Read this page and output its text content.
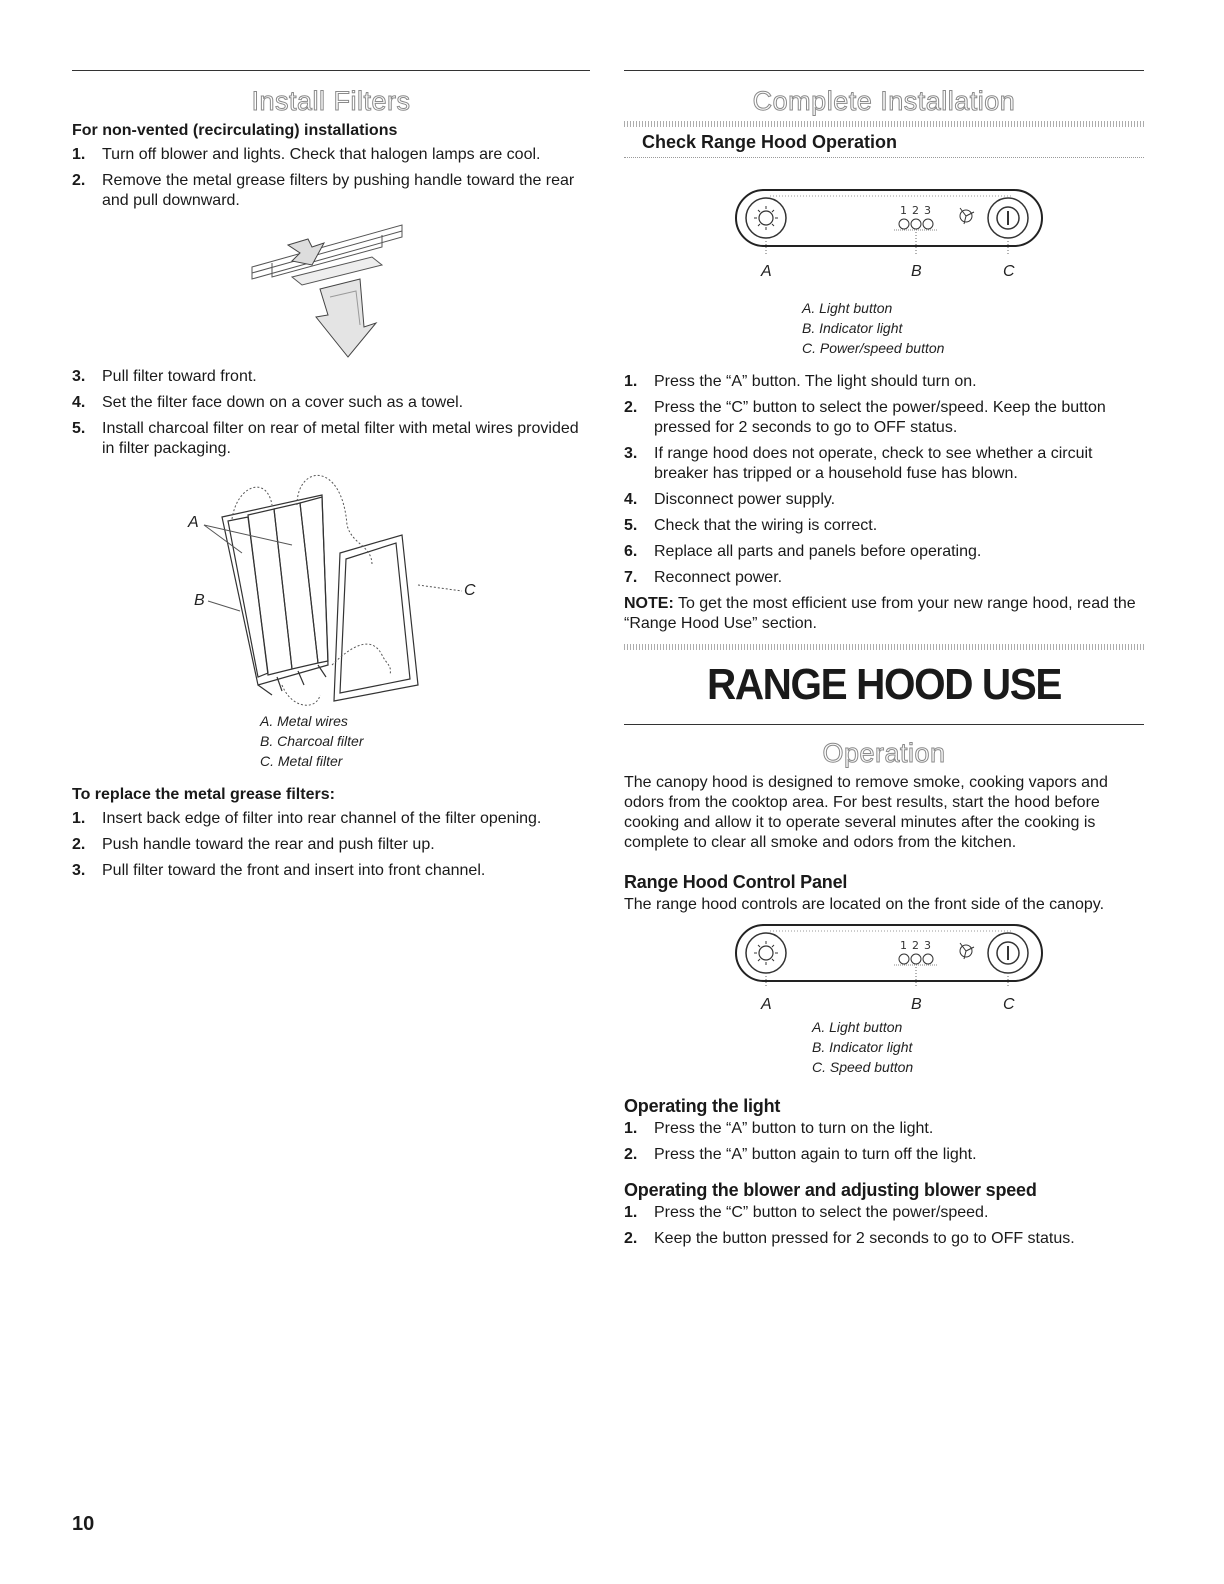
Install Filters
For non-vented (recirculating) installations
1. Turn off blower and lights. Check that halogen lamps are cool.
2. Remove the metal grease filters by pushing handle toward the rear and pull downward.
3. Pull filter toward front.
4. Set the filter face down on a cover such as a towel.
5. Install charcoal filter on rear of metal filter with metal wires provided in filter packaging.
A
B
C
A. Metal wires
B. Charcoal filter
C. Metal filter
To replace the metal grease filters:
1. Insert back edge of filter into rear channel of the filter opening.
2. Push handle toward the rear and push filter up.
3. Pull filter toward the front and insert into front channel.
Complete Installation
Check Range Hood Operation
1 2 3
A	B	C
A. Light button
B. Indicator light
C. Power/speed button
1. Press the “A” button. The light should turn on.
2. Press the “C” button to select the power/speed. Keep the button pressed for 2 seconds to go to OFF status.
3. If range hood does not operate, check to see whether a circuit breaker has tripped or a household fuse has blown.
4. Disconnect power supply.
5. Check that the wiring is correct.
6. Replace all parts and panels before operating.
7. Reconnect power.

NOTE: To get the most efficient use from your new range hood, read the “Range Hood Use” section.

RANGE HOOD USE
Operation

The canopy hood is designed to remove smoke, cooking vapors and odors from the cooktop area. For best results, start the hood before cooking and allow it to operate several minutes after the cooking is complete to clear all smoke and odors from the kitchen.

Range Hood Control Panel

The range hood controls are located on the front side of the canopy.

1 2 3
A	B	C
A. Light button
B. Indicator light
C. Speed button
Operating the light
1. Press the “A” button to turn on the light.
2. Press the “A” button again to turn off the light.
Operating the blower and adjusting blower speed
1. Press the “C” button to select the power/speed.
2. Keep the button pressed for 2 seconds to go to OFF status.
10
